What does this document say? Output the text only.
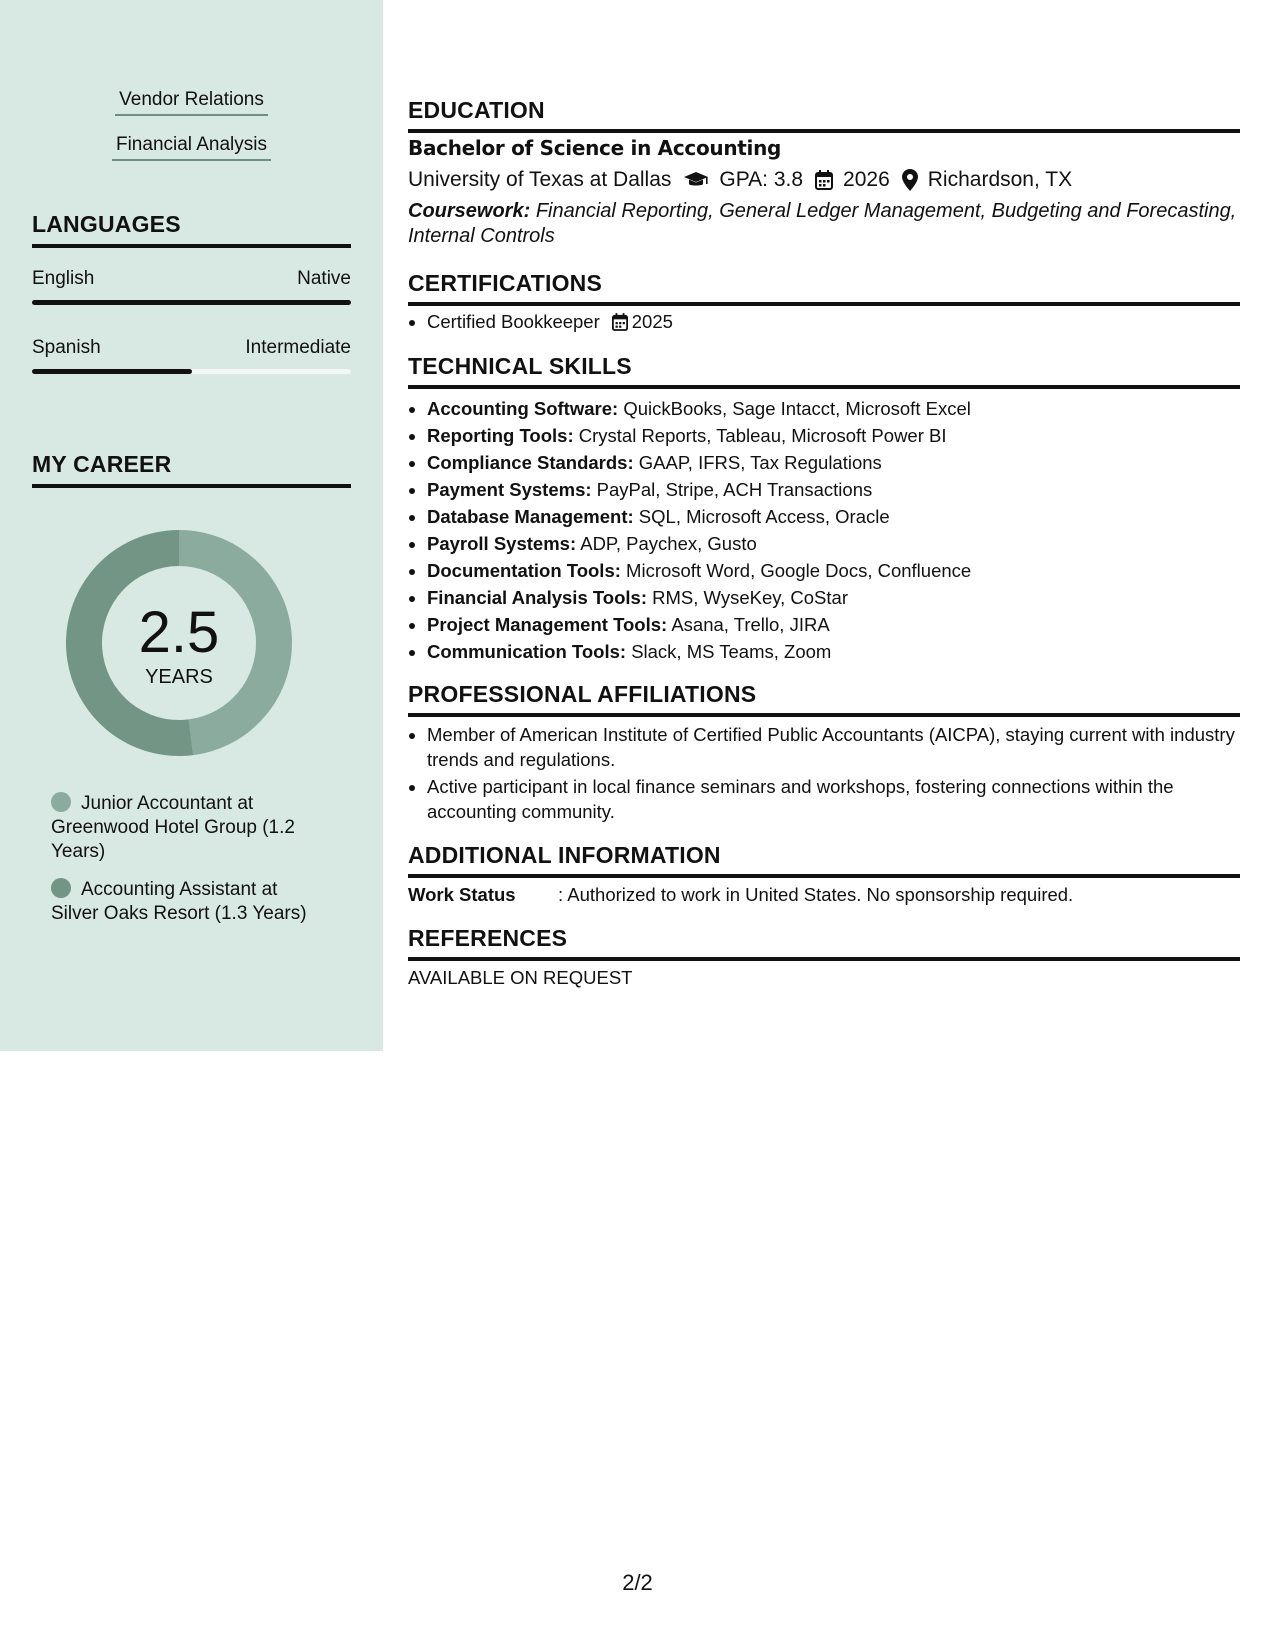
Vendor Relations
Financial Analysis
LANGUAGES
English	Native
Spanish	Intermediate
MY CAREER
2.5
YEARS
Junior Accountant at Greenwood Hotel Group (1.2 Years)
Accounting Assistant at Silver Oaks Resort (1.3 Years)
EDUCATION
Bachelor of Science in Accounting
University of Texas at Dallas GPA: 3.8 2026 Richardson, TX
Coursework: Financial Reporting, General Ledger Management, Budgeting and Forecasting, Internal Controls
CERTIFICATIONS
• Certified Bookkeeper 2025
TECHNICAL SKILLS
• Accounting Software: QuickBooks, Sage Intacct, Microsoft Excel
• Reporting Tools: Crystal Reports, Tableau, Microsoft Power BI
• Compliance Standards: GAAP, IFRS, Tax Regulations
• Payment Systems: PayPal, Stripe, ACH Transactions
• Database Management: SQL, Microsoft Access, Oracle
• Payroll Systems: ADP, Paychex, Gusto
• Documentation Tools: Microsoft Word, Google Docs, Confluence
• Financial Analysis Tools: RMS, WyseKey, CoStar
• Project Management Tools: Asana, Trello, JIRA
• Communication Tools: Slack, MS Teams, Zoom
PROFESSIONAL AFFILIATIONS
• Member of American Institute of Certified Public Accountants (AICPA), staying current with industry trends and regulations.
• Active participant in local finance seminars and workshops, fostering connections within the accounting community.
ADDITIONAL INFORMATION
Work Status : Authorized to work in United States. No sponsorship required.
REFERENCES
AVAILABLE ON REQUEST
2/2
